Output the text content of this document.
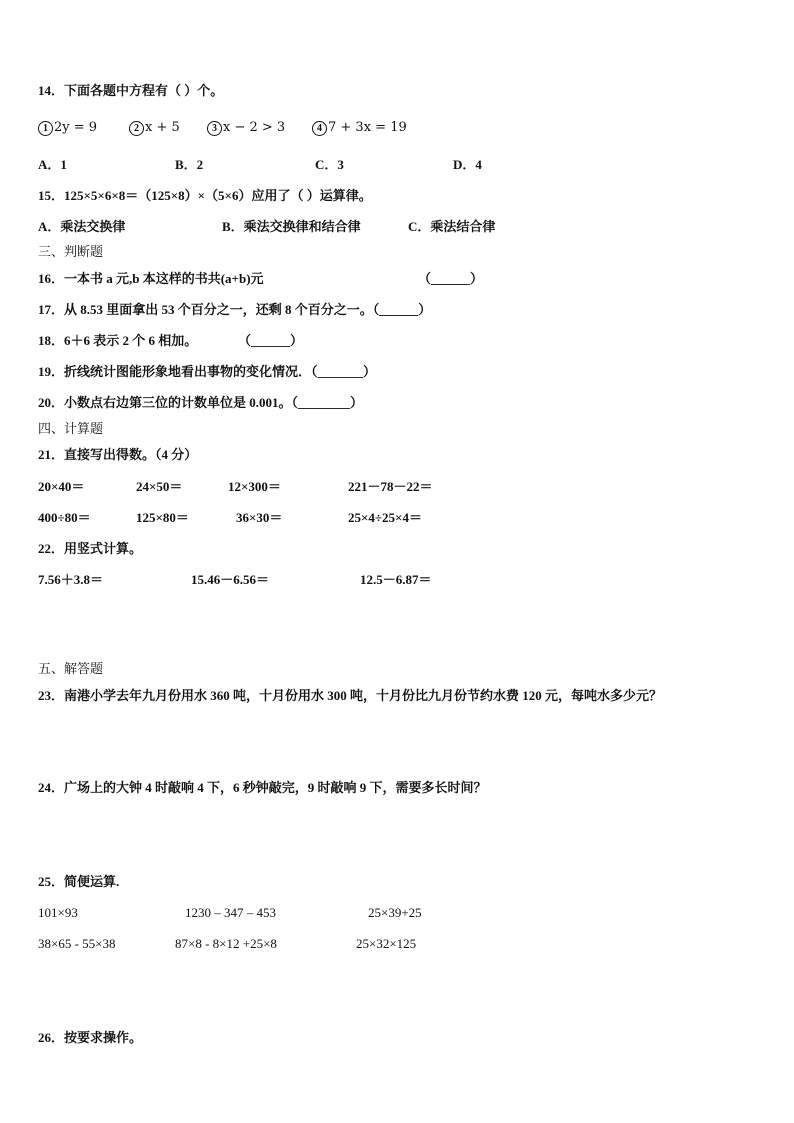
14．下面各题中方程有（ ）个。
1 2y = 9	2 x + 5	3 x − 2 > 3	4 7 + 3x = 19
A．1	B．2	C．3	D．4
15．125×5×6×8＝（125×8）×（5×6）应用了（ ）运算律。
A．乘法交换律	B．乘法交换律和结合律	C．乘法结合律
三、判断题
16．一本书 a 元,b 本这样的书共(a+b)元	（______）
17．从 8.53 里面拿出 53 个百分之一，还剩 8 个百分之一。（______）
18．6＋6 表示 2 个 6 相加。	（______）
19．折线统计图能形象地看出事物的变化情况．（_______）
20．小数点右边第三位的计数单位是 0.001。（________）
四、计算题
21．直接写出得数。（4 分）
20×40＝	24×50＝	12×300＝	221－78－22＝
400÷80＝	125×80＝	36×30＝	25×4÷25×4＝
22．用竖式计算。
7.56＋3.8＝	15.46－6.56＝	12.5－6.87＝
五、解答题
23．南港小学去年九月份用水 360 吨，十月份用水 300 吨，十月份比九月份节约水费 120 元，每吨水多少元？
24．广场上的大钟 4 时敲响 4 下，6 秒钟敲完，9 时敲响 9 下，需要多长时间？
25．简便运算.
101×93	1230 – 347 – 453	25×39+25
38×65 - 55×38	87×8 - 8×12 +25×8	25×32×125
26．按要求操作。
